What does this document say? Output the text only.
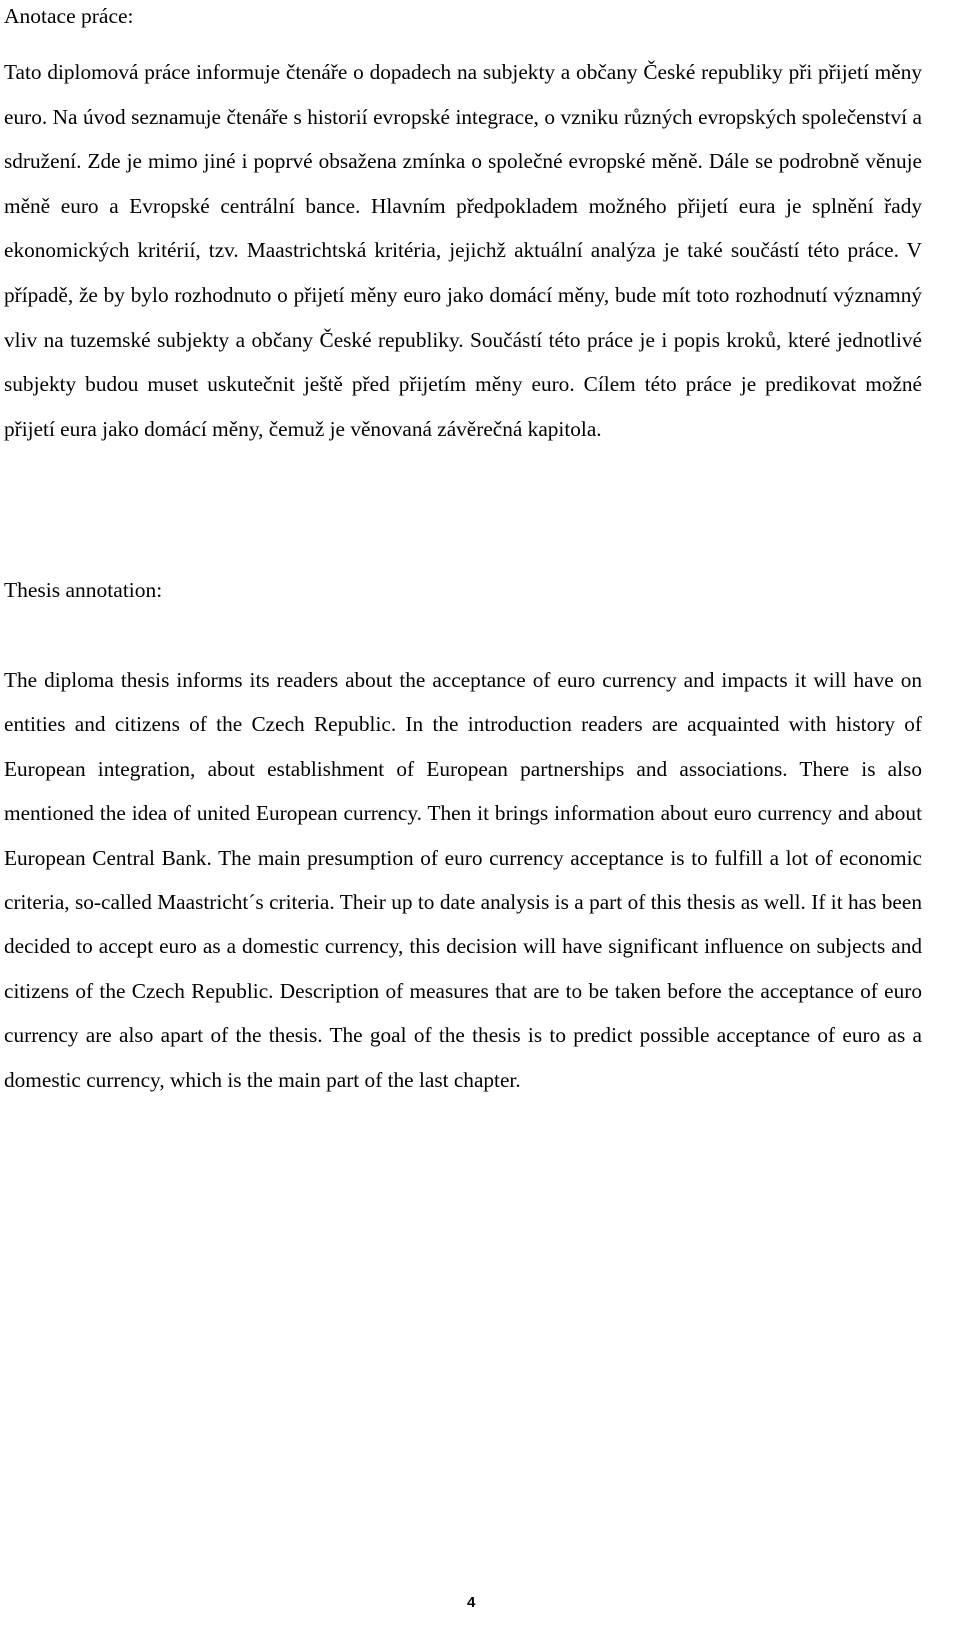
Anotace práce:

Tato diplomová práce informuje čtenáře o dopadech na subjekty a občany České republiky při přijetí měny euro. Na úvod seznamuje čtenáře s historií evropské integrace, o vzniku různých evropských společenství a sdružení. Zde je mimo jiné i poprvé obsažena zmínka o společné evropské měně. Dále se podrobně věnuje měně euro a Evropské centrální bance. Hlavním předpokladem možného přijetí eura je splnění řady ekonomických kritérií, tzv. Maastrichtská kritéria, jejichž aktuální analýza je také součástí této práce. V případě, že by bylo rozhodnuto o přijetí měny euro jako domácí měny, bude mít toto rozhodnutí významný vliv na tuzemské subjekty a občany České republiky. Součástí této práce je i popis kroků, které jednotlivé subjekty budou muset uskutečnit ještě před přijetím měny euro. Cílem této práce je predikovat možné přijetí eura jako domácí měny, čemuž je věnovaná závěrečná kapitola.

Thesis annotation:

The diploma thesis informs its readers about the acceptance of euro currency and impacts it will have on entities and citizens of the Czech Republic. In the introduction readers are acquainted with history of European integration, about establishment of European partnerships and associations. There is also mentioned the idea of united European currency. Then it brings information about euro currency and about European Central Bank. The main presumption of euro currency acceptance is to fulfill a lot of economic criteria, so-called Maastricht´s criteria. Their up to date analysis is a part of this thesis as well. If it has been decided to accept euro as a domestic currency, this decision will have significant influence on subjects and citizens of the Czech Republic. Description of measures that are to be taken before the acceptance of euro currency are also apart of the thesis. The goal of the thesis is to predict possible acceptance of euro as a domestic currency, which is the main part of the last chapter.

4
